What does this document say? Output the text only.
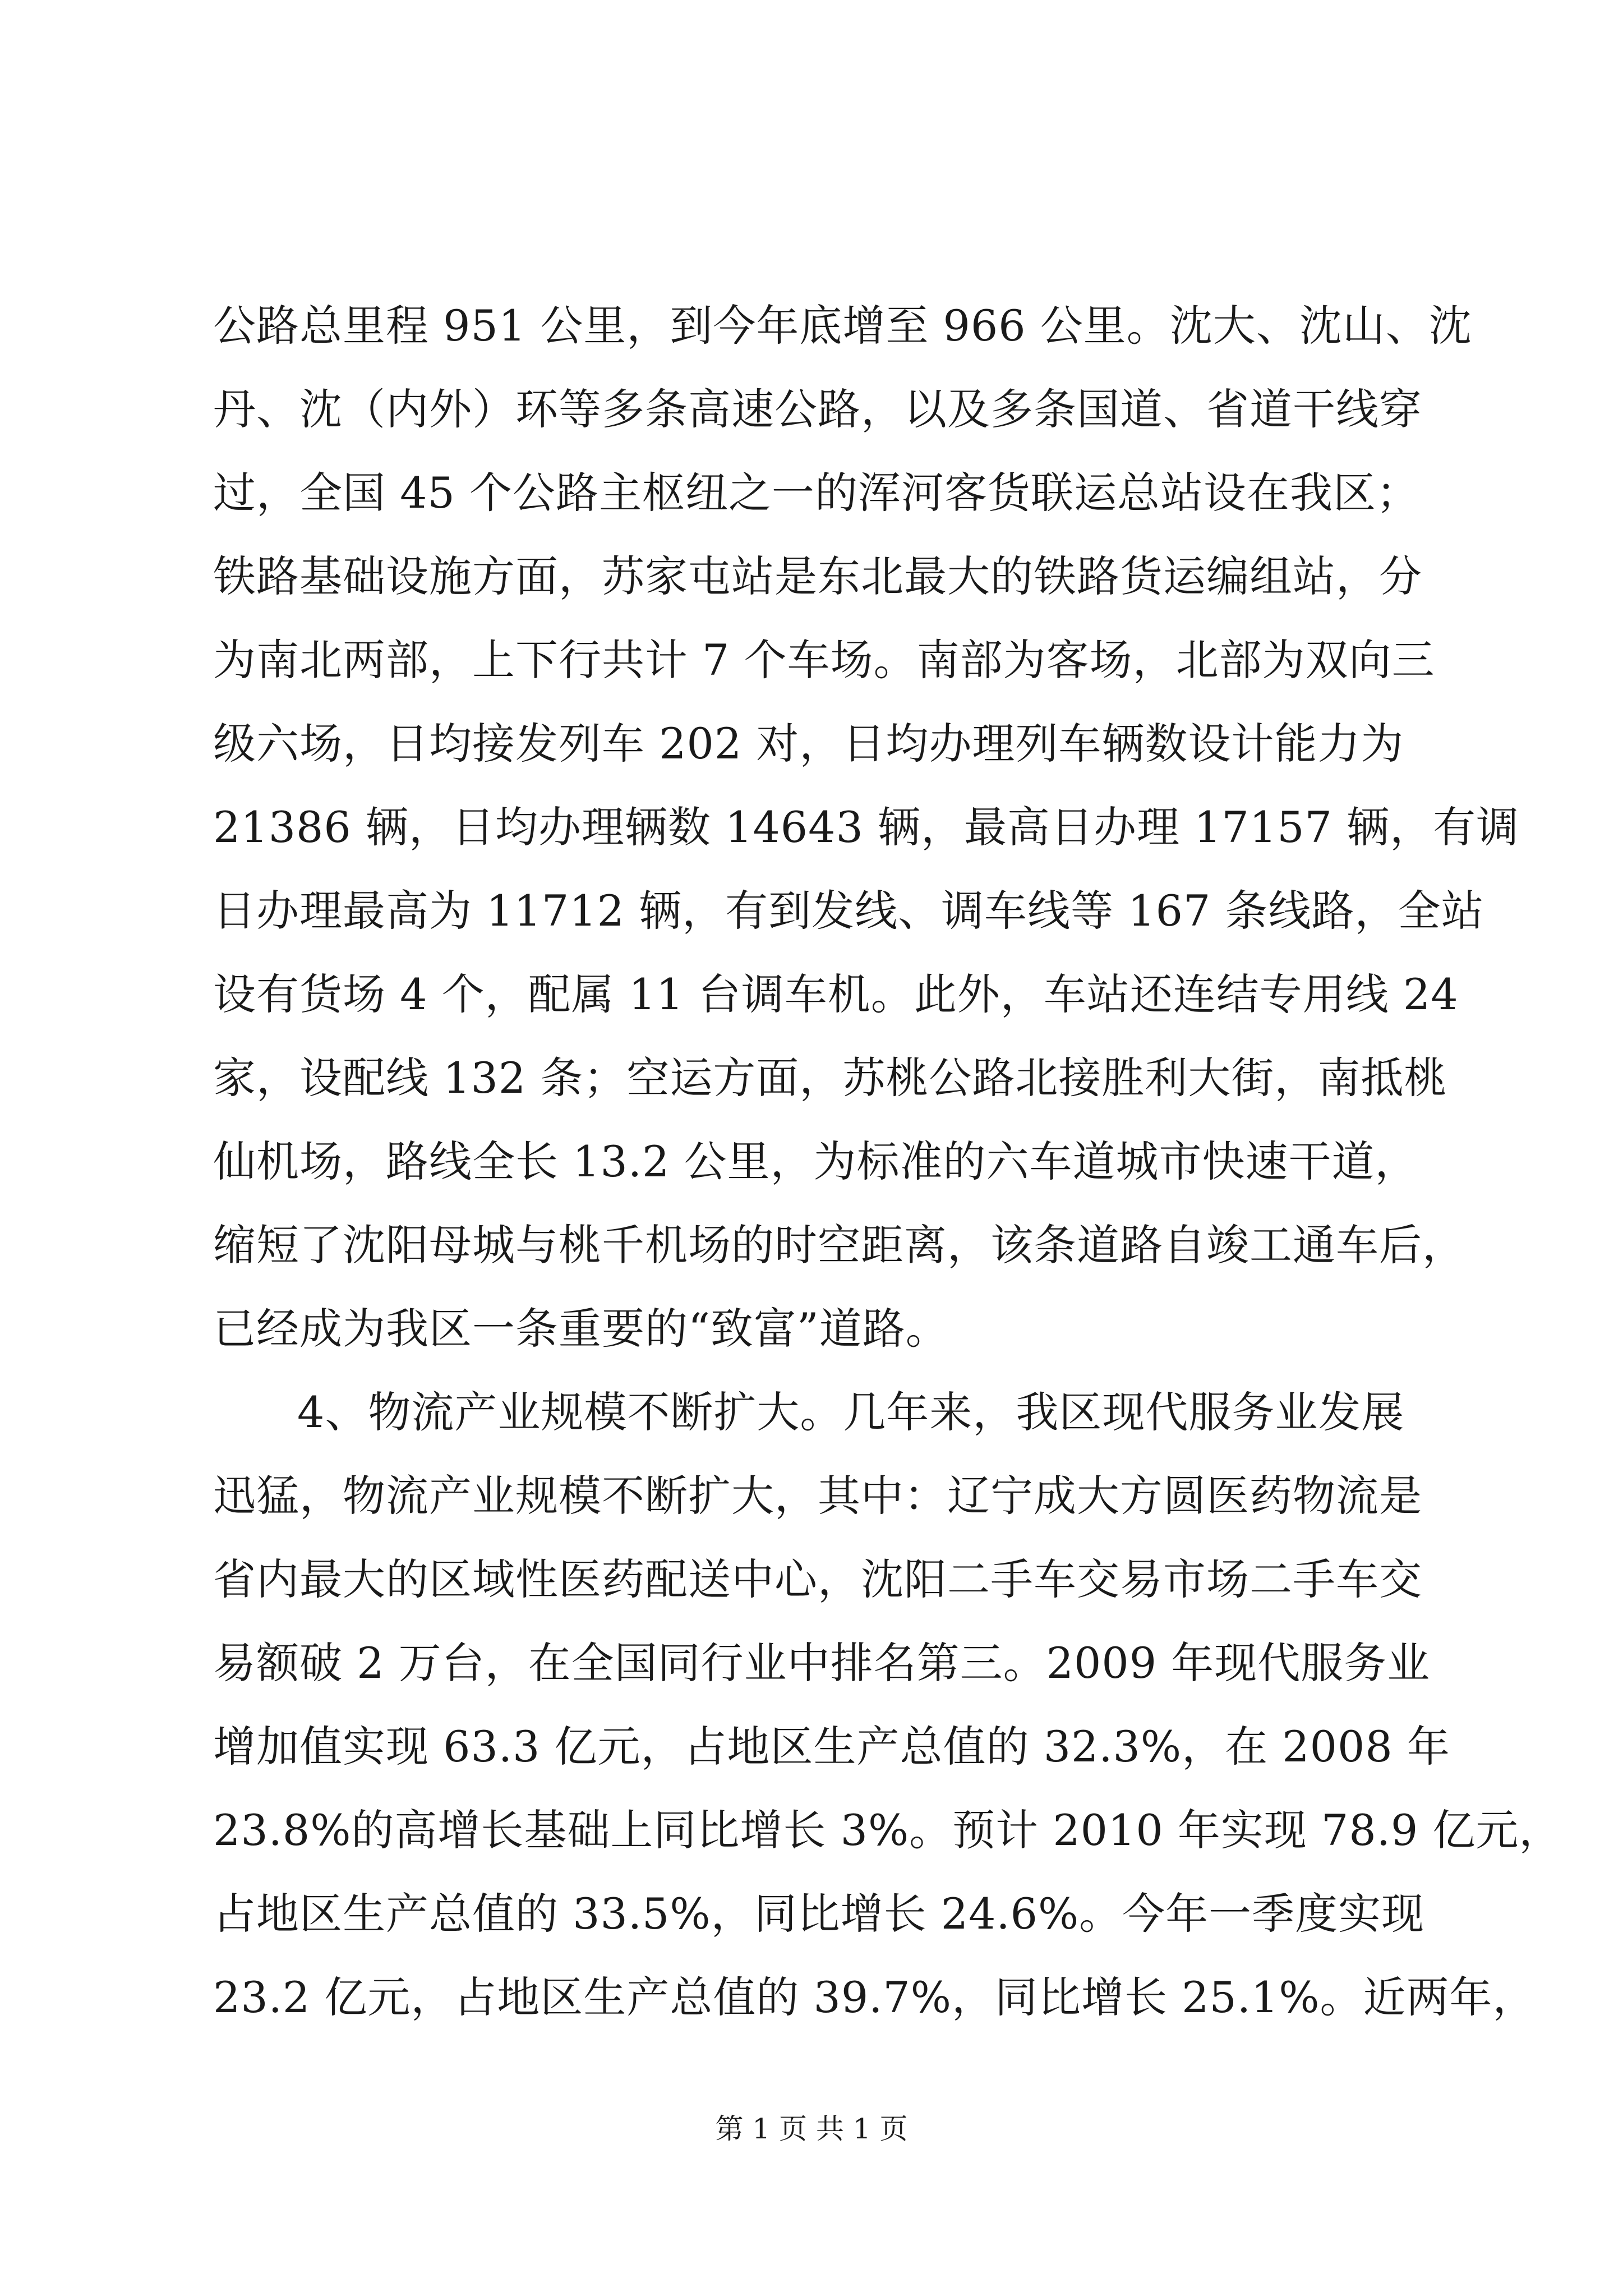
公路总里程 951 公里，到今年底增至 966 公里。沈大、沈山、沈
丹、沈（内外）环等多条高速公路，以及多条国道、省道干线穿
过，全国 45 个公路主枢纽之一的浑河客货联运总站设在我区；
铁路基础设施方面，苏家屯站是东北最大的铁路货运编组站，分
为南北两部，上下行共计 7 个车场。南部为客场，北部为双向三
级六场，日均接发列车 202 对，日均办理列车辆数设计能力为
21386 辆，日均办理辆数 14643 辆，最高日办理 17157 辆，有调
日办理最高为 11712 辆，有到发线、调车线等 167 条线路，全站
设有货场 4 个，配属 11 台调车机。此外，车站还连结专用线 24
家，设配线 132 条；空运方面，苏桃公路北接胜利大街，南抵桃
仙机场，路线全长 13.2 公里，为标准的六车道城市快速干道，
缩短了沈阳母城与桃千机场的时空距离，该条道路自竣工通车后，
已经成为我区一条重要的“致富”道路。
4、物流产业规模不断扩大。几年来，我区现代服务业发展
迅猛，物流产业规模不断扩大，其中：辽宁成大方圆医药物流是
省内最大的区域性医药配送中心，沈阳二手车交易市场二手车交
易额破 2 万台，在全国同行业中排名第三。2009 年现代服务业
增加值实现 63.3 亿元，占地区生产总值的 32.3%，在 2008 年
23.8%的高增长基础上同比增长 3%。预计 2010 年实现 78.9 亿元，
占地区生产总值的 33.5%，同比增长 24.6%。今年一季度实现
23.2 亿元，占地区生产总值的 39.7%，同比增长 25.1%。近两年，
第 1 页 共 1 页
